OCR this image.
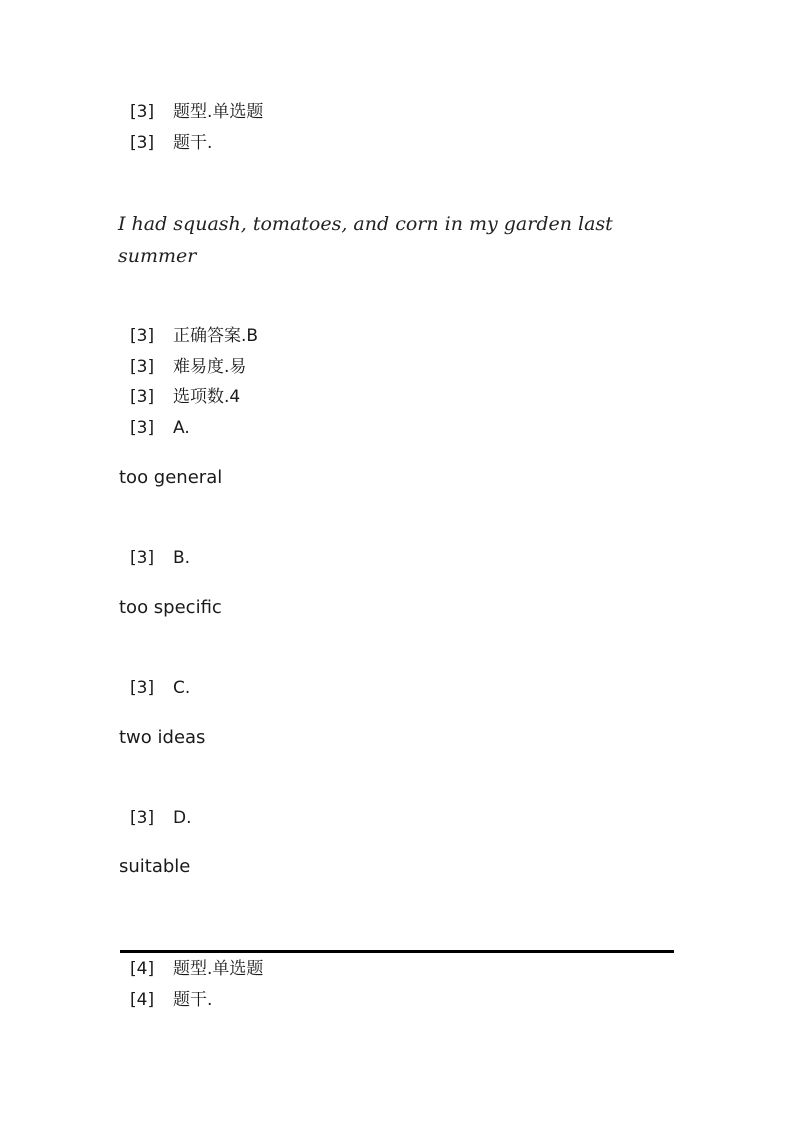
[3] 题型.单选题
[3] 题干.
I had squash, tomatoes, and corn in my garden last summer
[3] 正确答案.B
[3] 难易度.易
[3] 选项数.4
[3] A.
too general
[3] B.
too specific
[3] C.
two ideas
[3] D.
suitable
[4] 题型.单选题
[4] 题干.
